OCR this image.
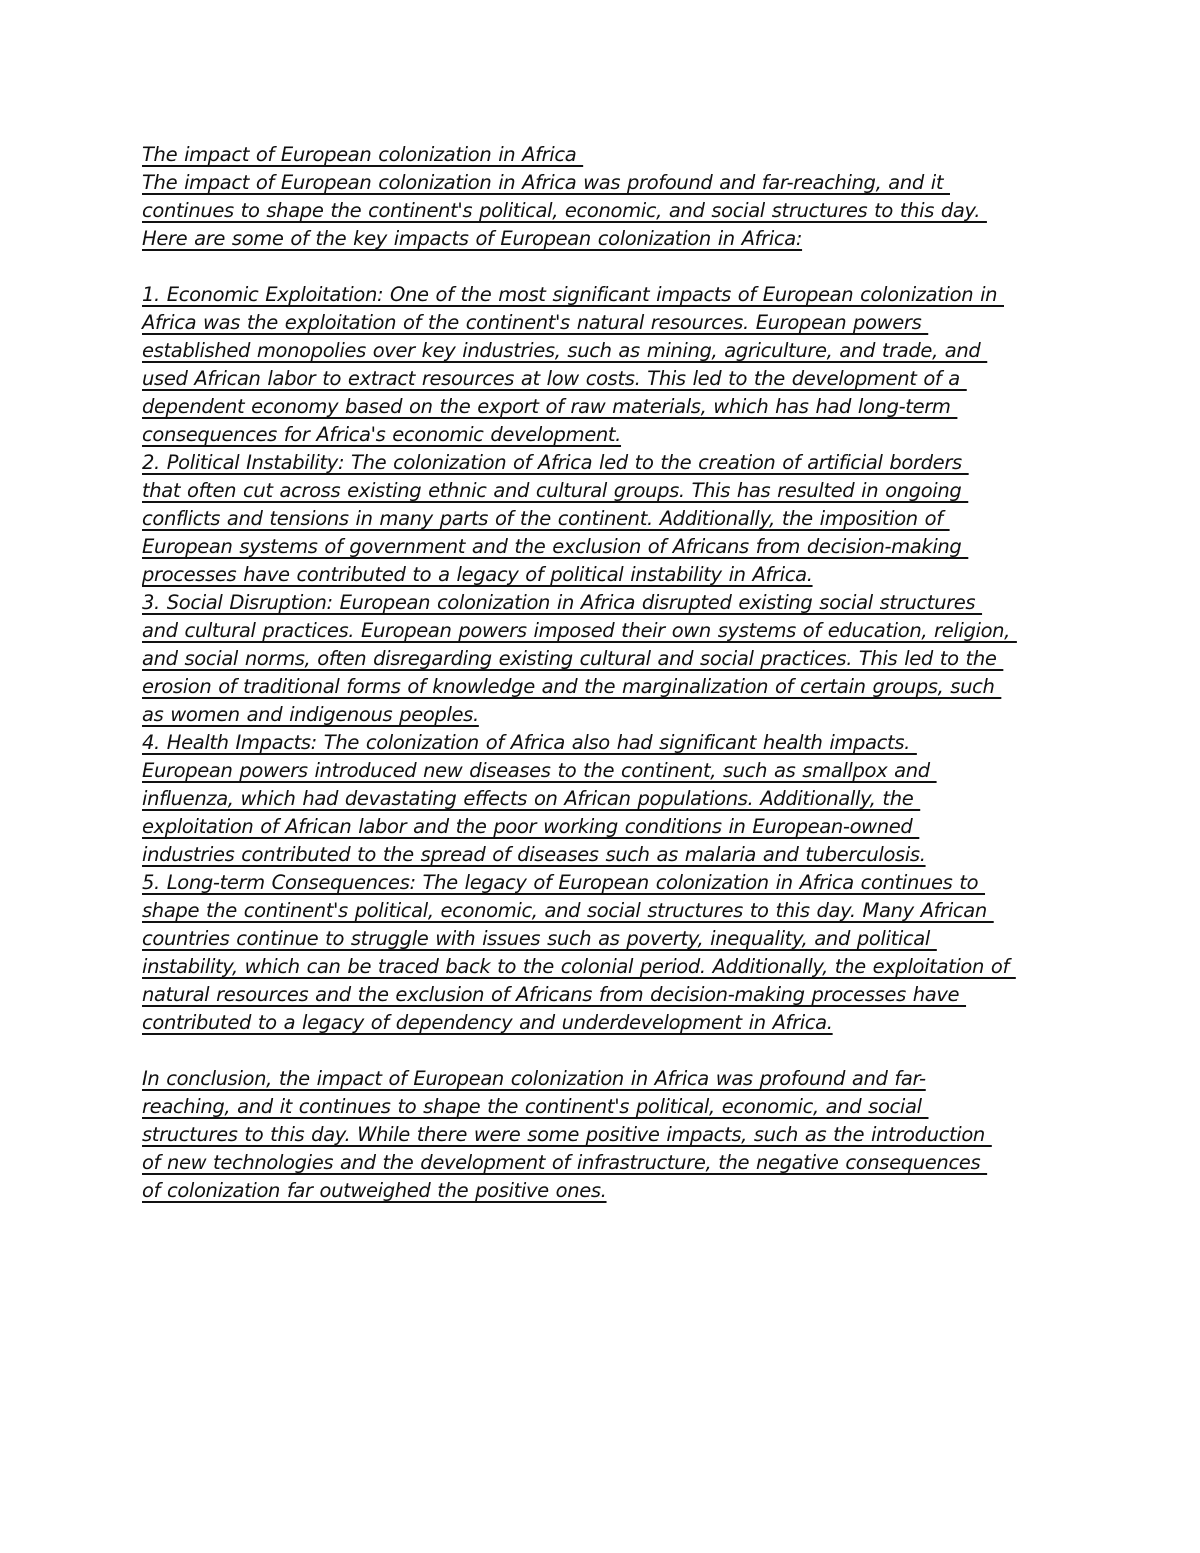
The impact of European colonization in Africa
The impact of European colonization in Africa was profound and far-reaching, and it
continues to shape the continent's political, economic, and social structures to this day.
Here are some of the key impacts of European colonization in Africa:
1. Economic Exploitation: One of the most significant impacts of European colonization in
Africa was the exploitation of the continent's natural resources. European powers
established monopolies over key industries, such as mining, agriculture, and trade, and
used African labor to extract resources at low costs. This led to the development of a
dependent economy based on the export of raw materials, which has had long-term
consequences for Africa's economic development.
2. Political Instability: The colonization of Africa led to the creation of artificial borders
that often cut across existing ethnic and cultural groups. This has resulted in ongoing
conflicts and tensions in many parts of the continent. Additionally, the imposition of
European systems of government and the exclusion of Africans from decision-making
processes have contributed to a legacy of political instability in Africa.
3. Social Disruption: European colonization in Africa disrupted existing social structures
and cultural practices. European powers imposed their own systems of education, religion,
and social norms, often disregarding existing cultural and social practices. This led to the
erosion of traditional forms of knowledge and the marginalization of certain groups, such
as women and indigenous peoples.
4. Health Impacts: The colonization of Africa also had significant health impacts.
European powers introduced new diseases to the continent, such as smallpox and
influenza, which had devastating effects on African populations. Additionally, the
exploitation of African labor and the poor working conditions in European-owned
industries contributed to the spread of diseases such as malaria and tuberculosis.
5. Long-term Consequences: The legacy of European colonization in Africa continues to
shape the continent's political, economic, and social structures to this day. Many African
countries continue to struggle with issues such as poverty, inequality, and political
instability, which can be traced back to the colonial period. Additionally, the exploitation of
natural resources and the exclusion of Africans from decision-making processes have
contributed to a legacy of dependency and underdevelopment in Africa.
In conclusion, the impact of European colonization in Africa was profound and far-
reaching, and it continues to shape the continent's political, economic, and social
structures to this day. While there were some positive impacts, such as the introduction
of new technologies and the development of infrastructure, the negative consequences
of colonization far outweighed the positive ones.
